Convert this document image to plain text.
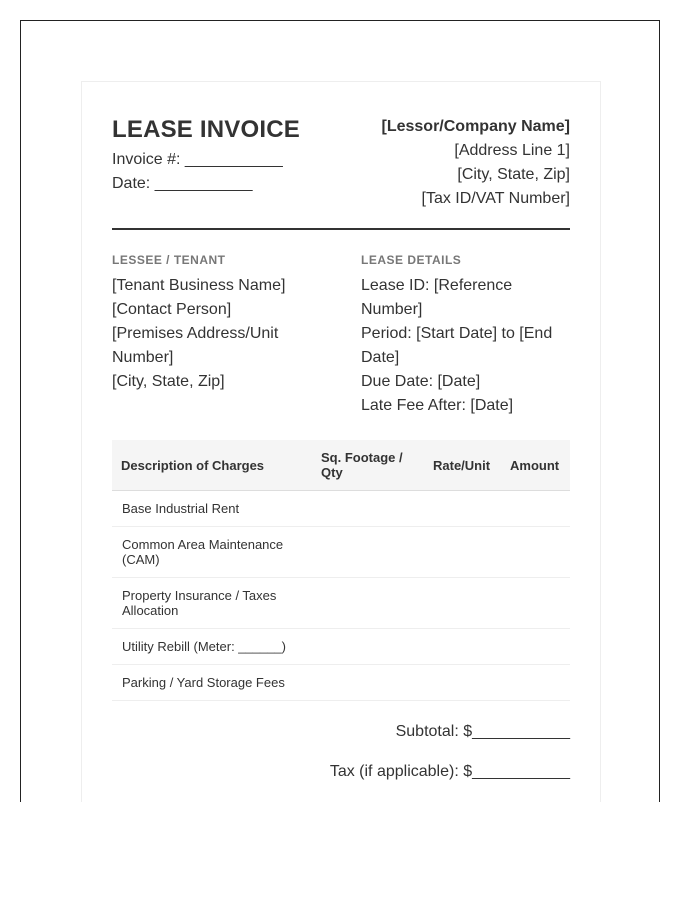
LEASE INVOICE
Invoice #: ___________
Date: ___________
[Lessor/Company Name]
[Address Line 1]
[City, State, Zip]
[Tax ID/VAT Number]
LESSEE / TENANT
[Tenant Business Name]
[Contact Person]
[Premises Address/Unit
Number]
[City, State, Zip]
LEASE DETAILS
Lease ID: [Reference
Number]
Period: [Start Date] to [End
Date]
Due Date: [Date]
Late Fee After: [Date]
Description of Charges	Sq. Footage / Qty	Rate/Unit	Amount
Base Industrial Rent			
Common Area Maintenance (CAM)			
Property Insurance / Taxes Allocation			
Utility Rebill (Meter: ______)			
Parking / Yard Storage Fees			
Subtotal: $___________
Tax (if applicable): $___________
